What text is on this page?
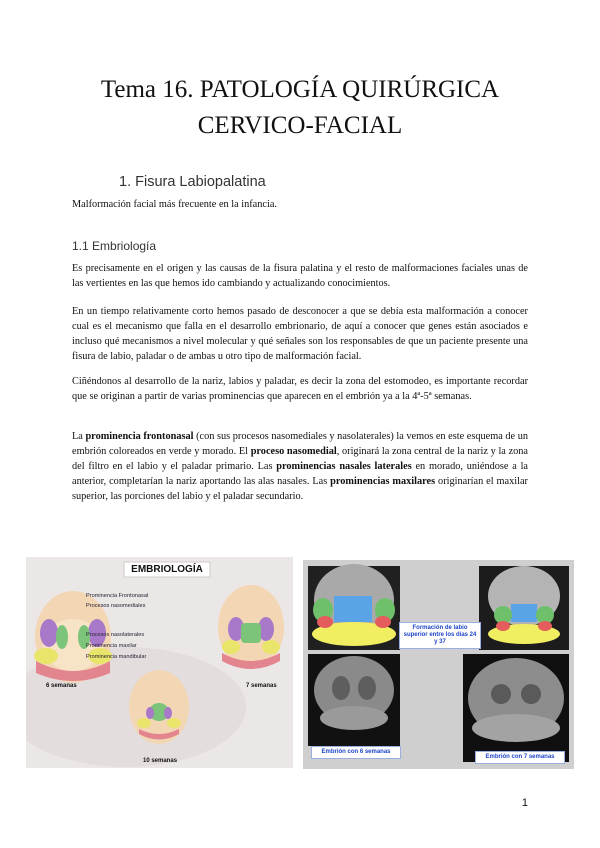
Tema 16. PATOLOGÍA QUIRÚRGICA
CERVICO-FACIAL
1. Fisura Labiopalatina

Malformación facial más frecuente en la infancia.

1.1 Embriología

Es precisamente en el origen y las causas de la fisura palatina y el resto de malformaciones faciales unas de las vertientes en las que hemos ido cambiando y actualizando conocimientos.

En un tiempo relativamente corto hemos pasado de desconocer a que se debía esta malformación a conocer cual es el mecanismo que falla en el desarrollo embrionario, de aquí a conocer que genes están asociados e incluso qué mecanismos a nivel molecular y qué señales son los responsables de que un paciente presente una fisura de labio, paladar o de ambas u otro tipo de malformación facial.

Ciñéndonos al desarrollo de la nariz, labios y paladar, es decir la zona del estomodeo, es importante recordar que se originan a partir de varias prominencias que aparecen en el embrión ya a la 4ª-5ª semanas.

La prominencia frontonasal (con sus procesos nasomediales y nasolaterales) la vemos en este esquema de un embrión coloreados en verde y morado. El proceso nasomedial, originará la zona central de la nariz y la zona del filtro en el labio y el paladar primario. Las prominencias nasales laterales en morado, uniéndose a la anterior, completarían la nariz aportando las alas nasales. Las prominencias maxilares originarían el maxilar superior, las porciones del labio y el paladar secundario.

EMBRIOLOGÍA
Prominencia Frontonasal
Procesos nasomediales
Procesos nasolaterales
Prominencia maxilar
Prominencia mandibular
6 semanas	7 semanas
10 semanas
Formación de labio superior entre los días 24 y 37
Embrión con 6 semanas
Embrión con 7 semanas
1
